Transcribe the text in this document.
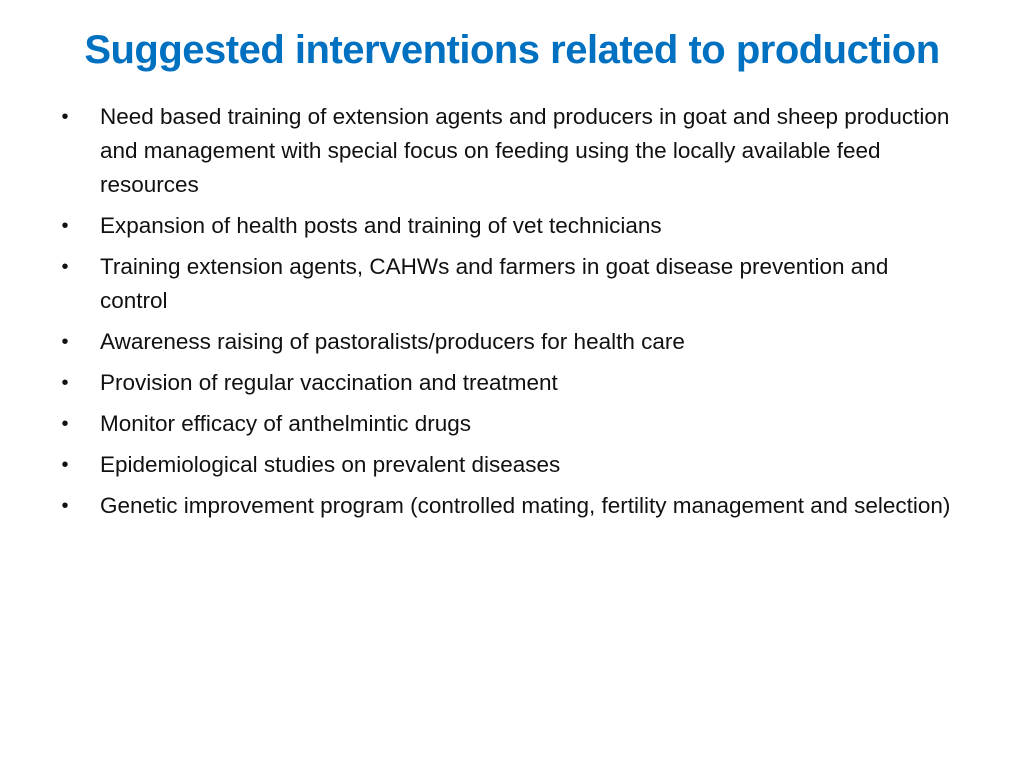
Suggested interventions related to production
• Need based training of extension agents and producers in goat and sheep production and management with special focus on feeding using the locally available feed resources
• Expansion of health posts and training of vet technicians
• Training extension agents, CAHWs and farmers in goat disease prevention and control
• Awareness raising of pastoralists/producers for health care
• Provision of regular vaccination and treatment
• Monitor efficacy of anthelmintic drugs
• Epidemiological studies on prevalent diseases
• Genetic improvement program (controlled mating, fertility management and selection)
